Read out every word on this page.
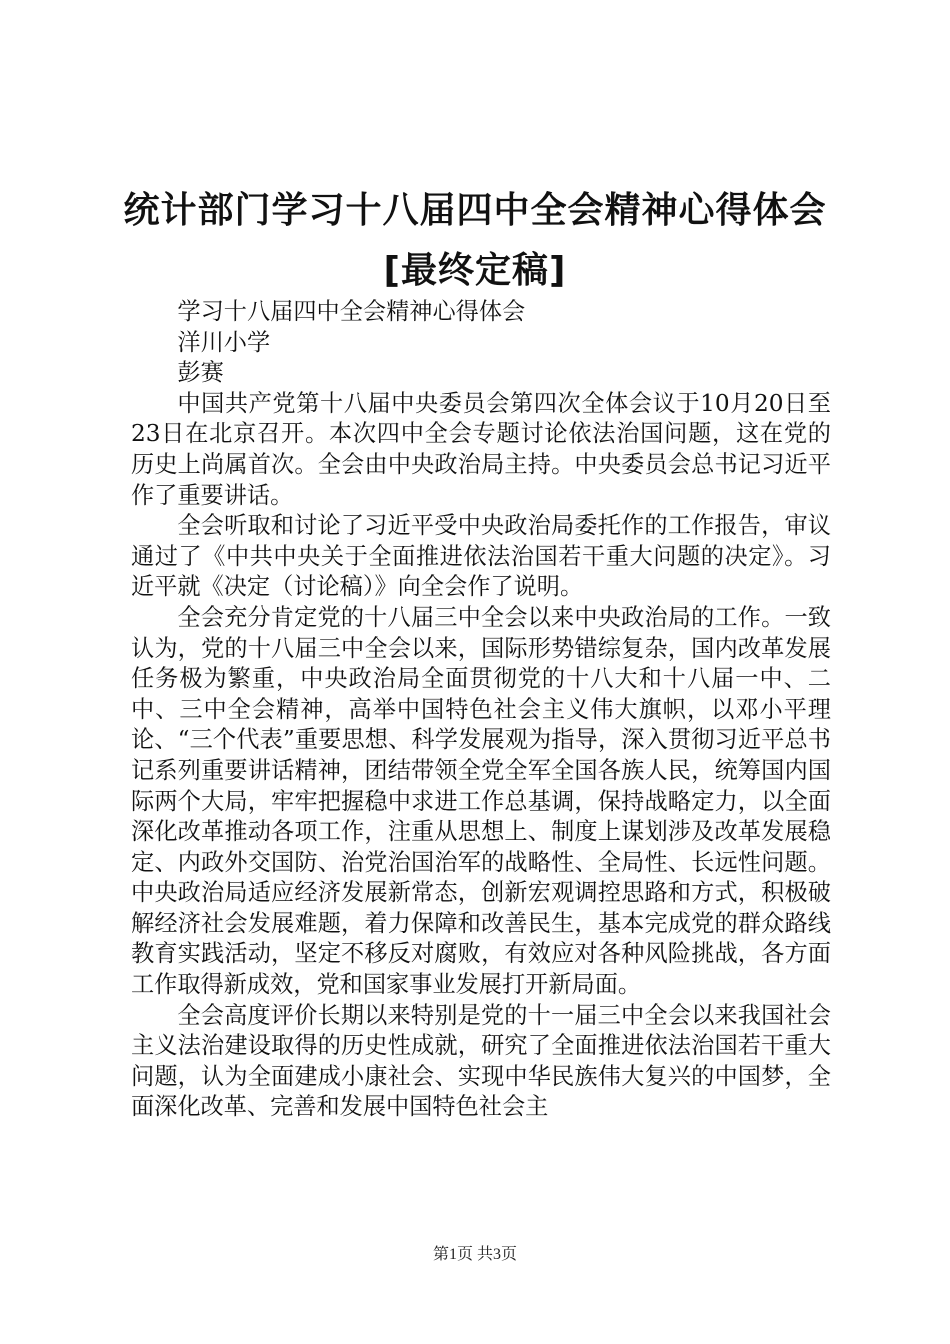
统计部门学习十八届四中全会精神心得体会
[最终定稿]

学习十八届四中全会精神心得体会

洋川小学

彭赛

中国共产党第十八届中央委员会第四次全体会议于10月20日至23日在北京召开。本次四中全会专题讨论依法治国问题，这在党的历史上尚属首次。全会由中央政治局主持。中央委员会总书记习近平作了重要讲话。

全会听取和讨论了习近平受中央政治局委托作的工作报告，审议通过了《中共中央关于全面推进依法治国若干重大问题的决定》。习近平就《决定（讨论稿）》向全会作了说明。

全会充分肯定党的十八届三中全会以来中央政治局的工作。一致认为，党的十八届三中全会以来，国际形势错综复杂，国内改革发展任务极为繁重，中央政治局全面贯彻党的十八大和十八届一中、二中、三中全会精神，高举中国特色社会主义伟大旗帜，以邓小平理论、“三个代表”重要思想、科学发展观为指导，深入贯彻习近平总书记系列重要讲话精神，团结带领全党全军全国各族人民，统筹国内国际两个大局，牢牢把握稳中求进工作总基调，保持战略定力，以全面深化改革推动各项工作，注重从思想上、制度上谋划涉及改革发展稳定、内政外交国防、治党治国治军的战略性、全局性、长远性问题。中央政治局适应经济发展新常态，创新宏观调控思路和方式，积极破解经济社会发展难题，着力保障和改善民生，基本完成党的群众路线教育实践活动，坚定不移反对腐败，有效应对各种风险挑战，各方面工作取得新成效，党和国家事业发展打开新局面。

全会高度评价长期以来特别是党的十一届三中全会以来我国社会主义法治建设取得的历史性成就，研究了全面推进依法治国若干重大问题，认为全面建成小康社会、实现中华民族伟大复兴的中国梦，全面深化改革、完善和发展中国特色社会主

第1页 共3页
